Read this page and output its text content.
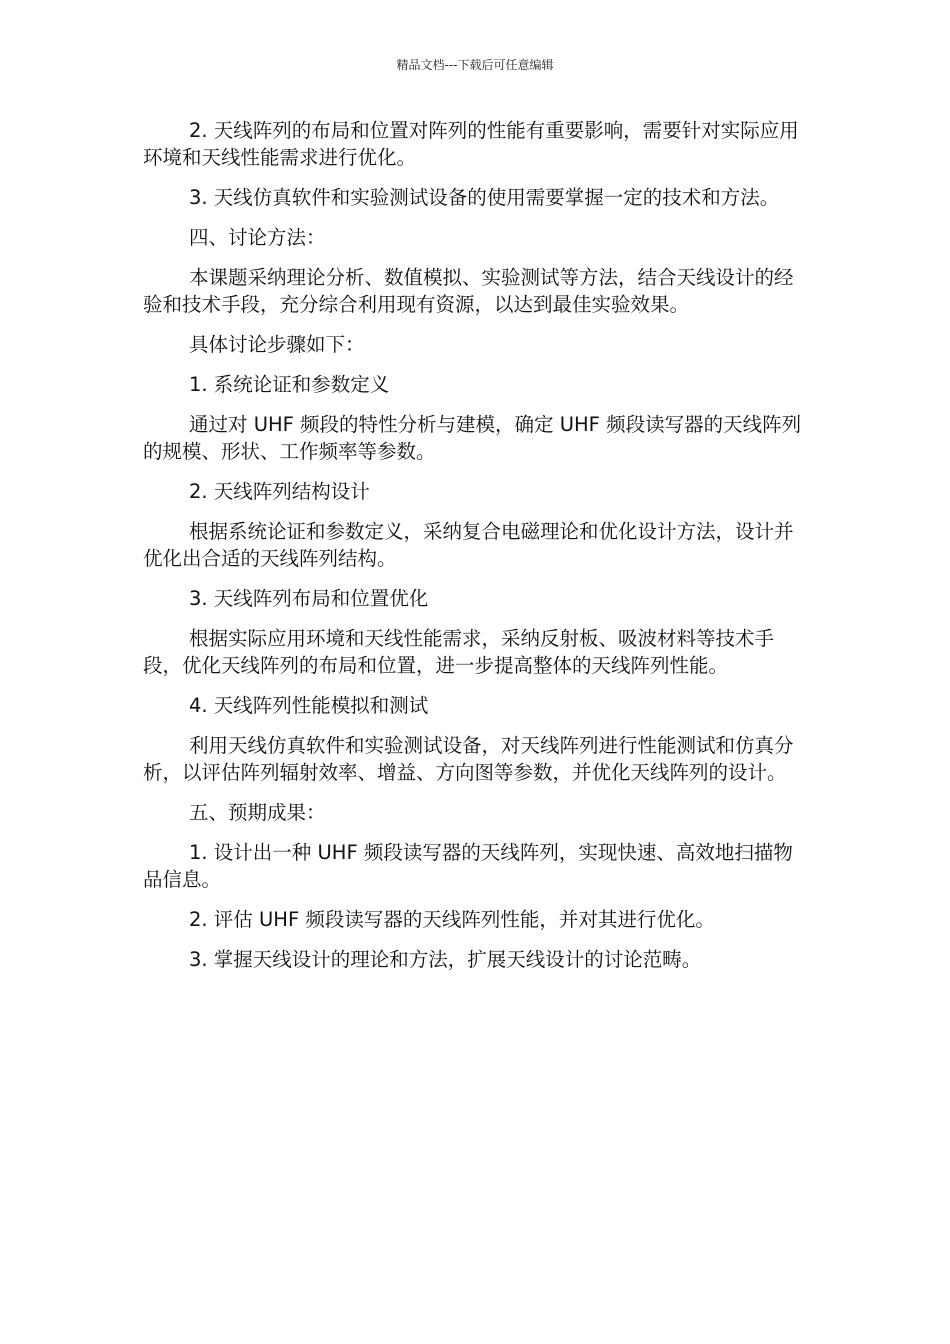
精品文档---下载后可任意编辑

2. 天线阵列的布局和位置对阵列的性能有重要影响，需要针对实际应用环境和天线性能需求进行优化。

3. 天线仿真软件和实验测试设备的使用需要掌握一定的技术和方法。

四、讨论方法：

本课题采纳理论分析、数值模拟、实验测试等方法，结合天线设计的经验和技术手段，充分综合利用现有资源，以达到最佳实验效果。

具体讨论步骤如下：

1. 系统论证和参数定义

通过对 UHF 频段的特性分析与建模，确定 UHF 频段读写器的天线阵列的规模、形状、工作频率等参数。

2. 天线阵列结构设计

根据系统论证和参数定义，采纳复合电磁理论和优化设计方法，设计并优化出合适的天线阵列结构。

3. 天线阵列布局和位置优化

根据实际应用环境和天线性能需求，采纳反射板、吸波材料等技术手段，优化天线阵列的布局和位置，进一步提高整体的天线阵列性能。

4. 天线阵列性能模拟和测试

利用天线仿真软件和实验测试设备，对天线阵列进行性能测试和仿真分析，以评估阵列辐射效率、增益、方向图等参数，并优化天线阵列的设计。

五、预期成果：

1. 设计出一种 UHF 频段读写器的天线阵列，实现快速、高效地扫描物品信息。

2. 评估 UHF 频段读写器的天线阵列性能，并对其进行优化。

3. 掌握天线设计的理论和方法，扩展天线设计的讨论范畴。
